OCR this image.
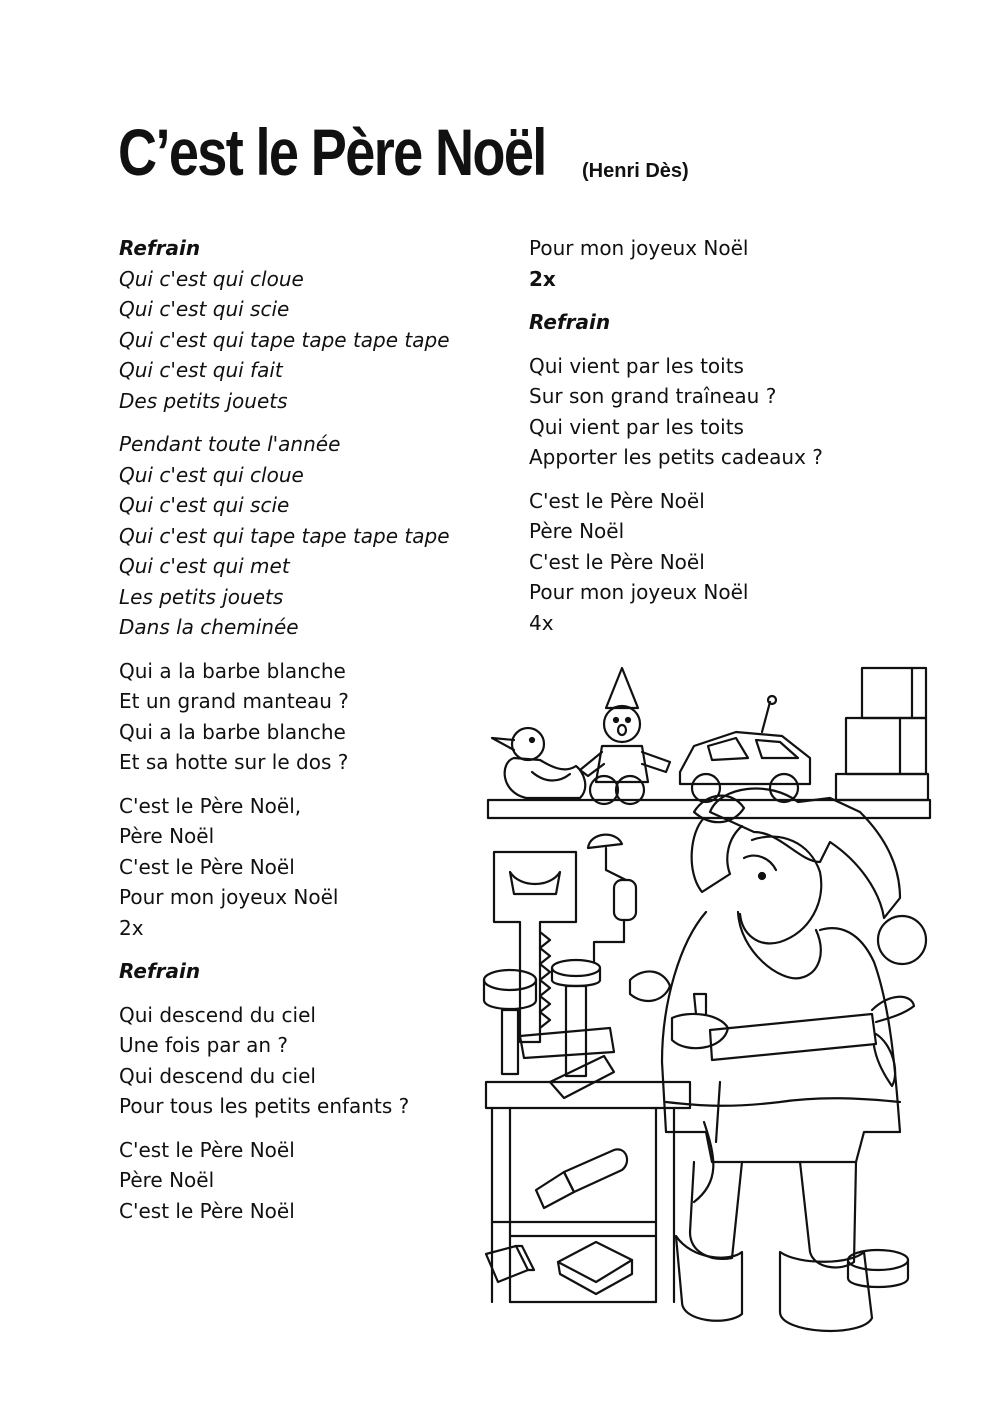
C’est le Père Noël	(Henri Dès)
Refrain
Qui c'est qui cloue
Qui c'est qui scie
Qui c'est qui tape tape tape tape
Qui c'est qui fait
Des petits jouets
Pendant toute l'année
Qui c'est qui cloue
Qui c'est qui scie
Qui c'est qui tape tape tape tape
Qui c'est qui met
Les petits jouets
Dans la cheminée
Qui a la barbe blanche
Et un grand manteau ?
Qui a la barbe blanche
Et sa hotte sur le dos ?
C'est le Père Noël,
Père Noël
C'est le Père Noël
Pour mon joyeux Noël
2x
Refrain
Qui descend du ciel
Une fois par an ?
Qui descend du ciel
Pour tous les petits enfants ?
C'est le Père Noël
Père Noël
C'est le Père Noël
Pour mon joyeux Noël
2x
Refrain
Qui vient par les toits
Sur son grand traîneau ?
Qui vient par les toits
Apporter les petits cadeaux ?
C'est le Père Noël
Père Noël
C'est le Père Noël
Pour mon joyeux Noël
4x
